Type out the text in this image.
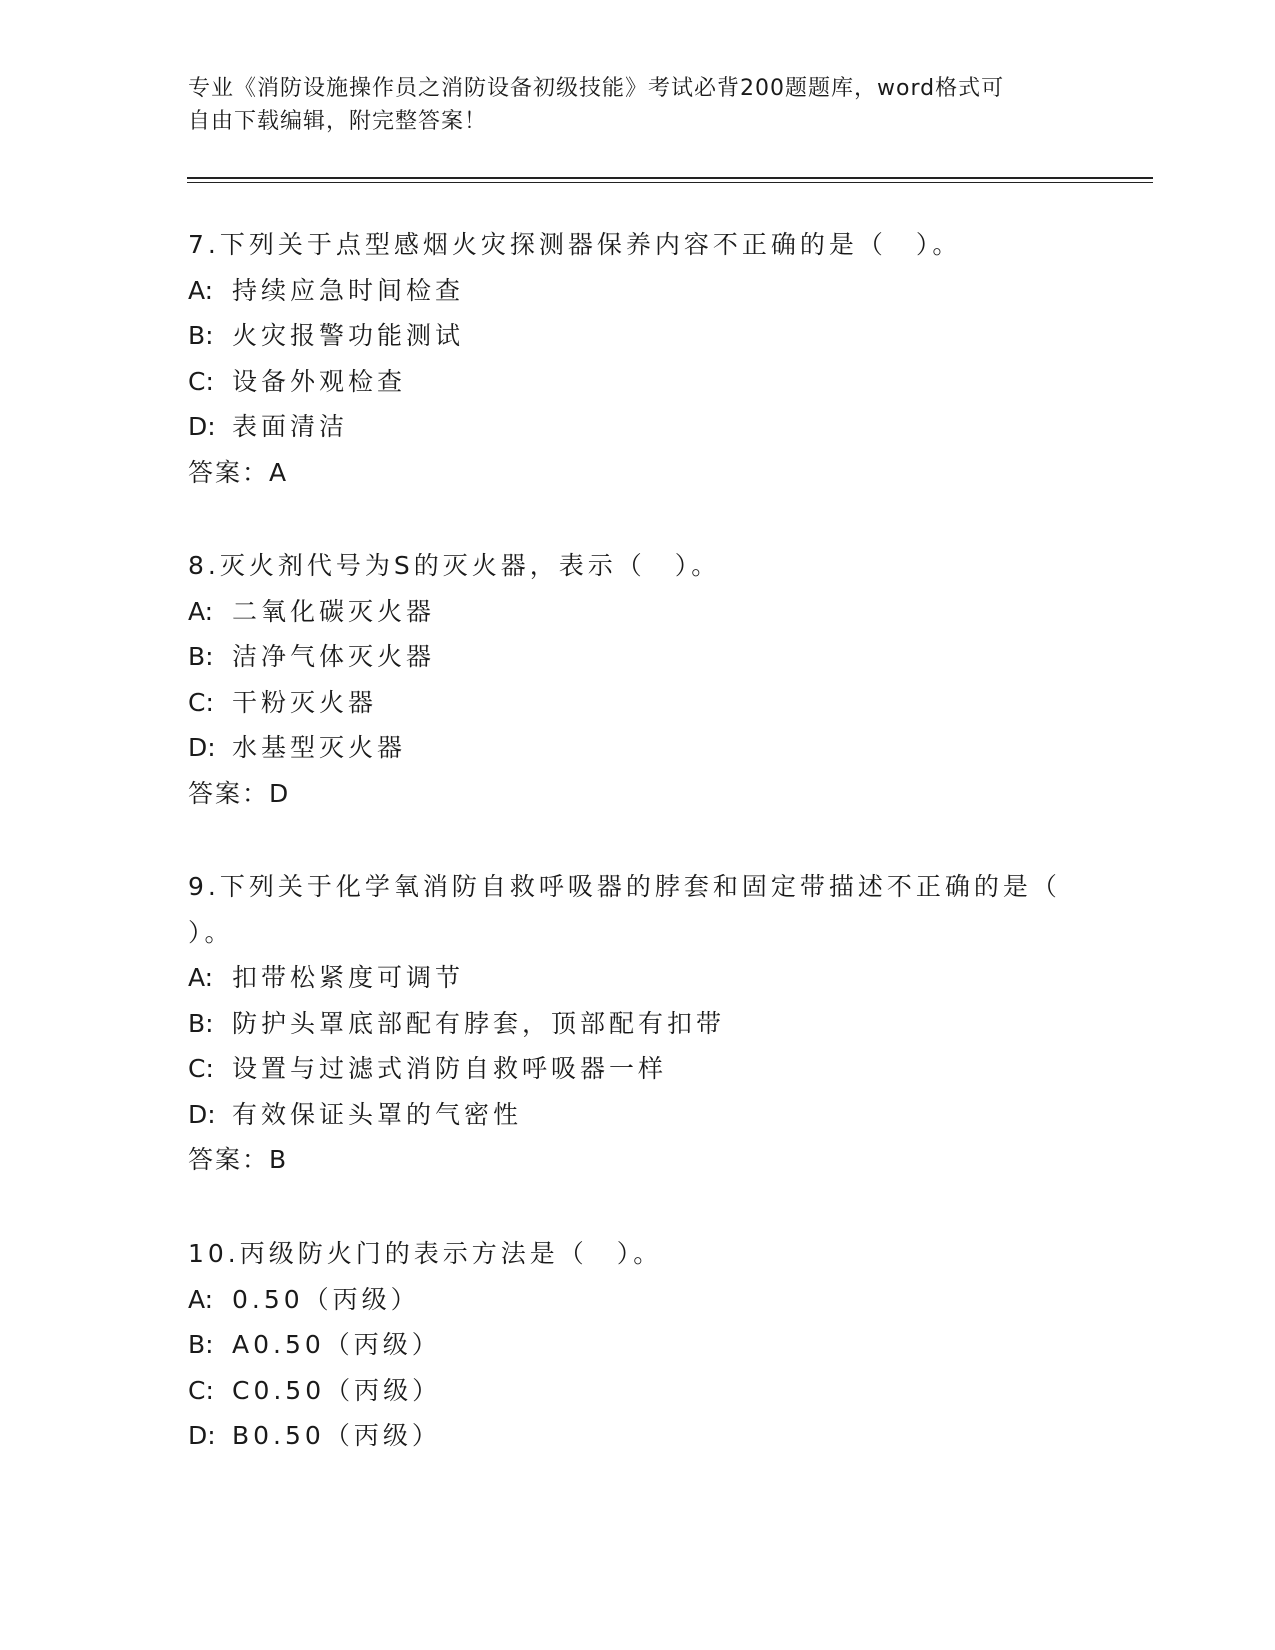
专业《消防设施操作员之消防设备初级技能》考试必背200题题库，word格式可
自由下载编辑，附完整答案！
7.下列关于点型感烟火灾探测器保养内容不正确的是（　）。
A: 持续应急时间检查
B: 火灾报警功能测试
C: 设备外观检查
D: 表面清洁
答案：A
8.灭火剂代号为S的灭火器，表示（　）。
A: 二氧化碳灭火器
B: 洁净气体灭火器
C: 干粉灭火器
D: 水基型灭火器
答案：D
9.下列关于化学氧消防自救呼吸器的脖套和固定带描述不正确的是（
）。
A: 扣带松紧度可调节
B: 防护头罩底部配有脖套，顶部配有扣带
C: 设置与过滤式消防自救呼吸器一样
D: 有效保证头罩的气密性
答案：B
10.丙级防火门的表示方法是（　）。
A: 0.50（丙级）
B: A0.50（丙级）
C: C0.50（丙级）
D: B0.50（丙级）
